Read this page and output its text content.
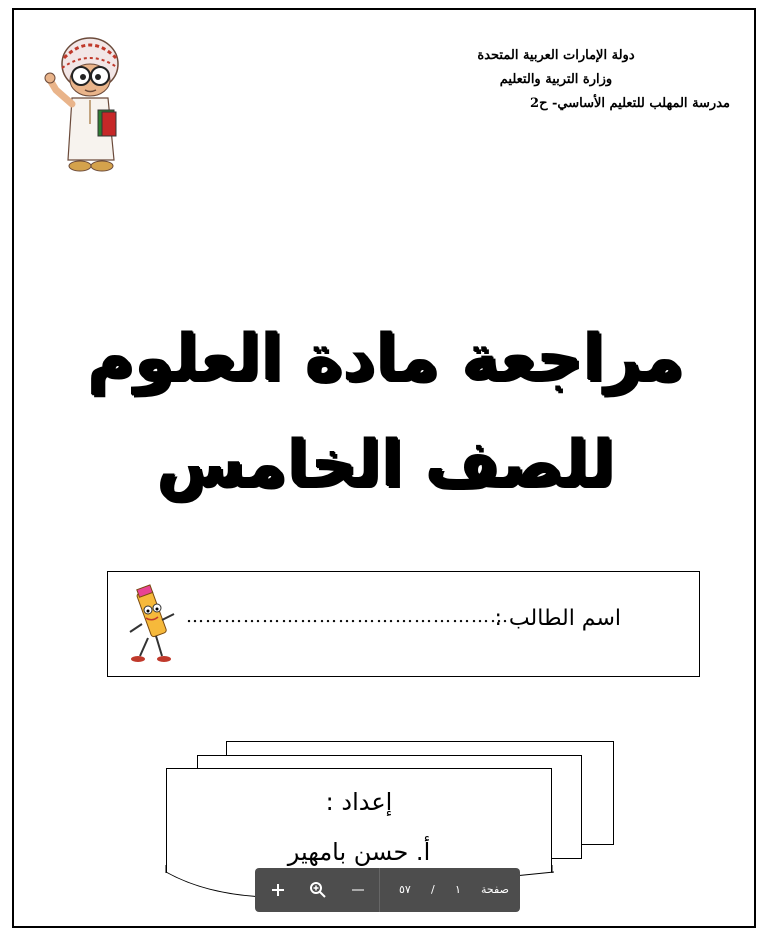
دولة الإمارات العربية المتحدة
وزارة التربية والتعليم
مدرسة المهلب للتعليم الأساسي- ح2
مراجعة مادة العلوم
للصف الخامس
……………………………………………
اسم الطالب :
إعداد :
أ. حسن بامهير
٥٧ / ١ صفحة
